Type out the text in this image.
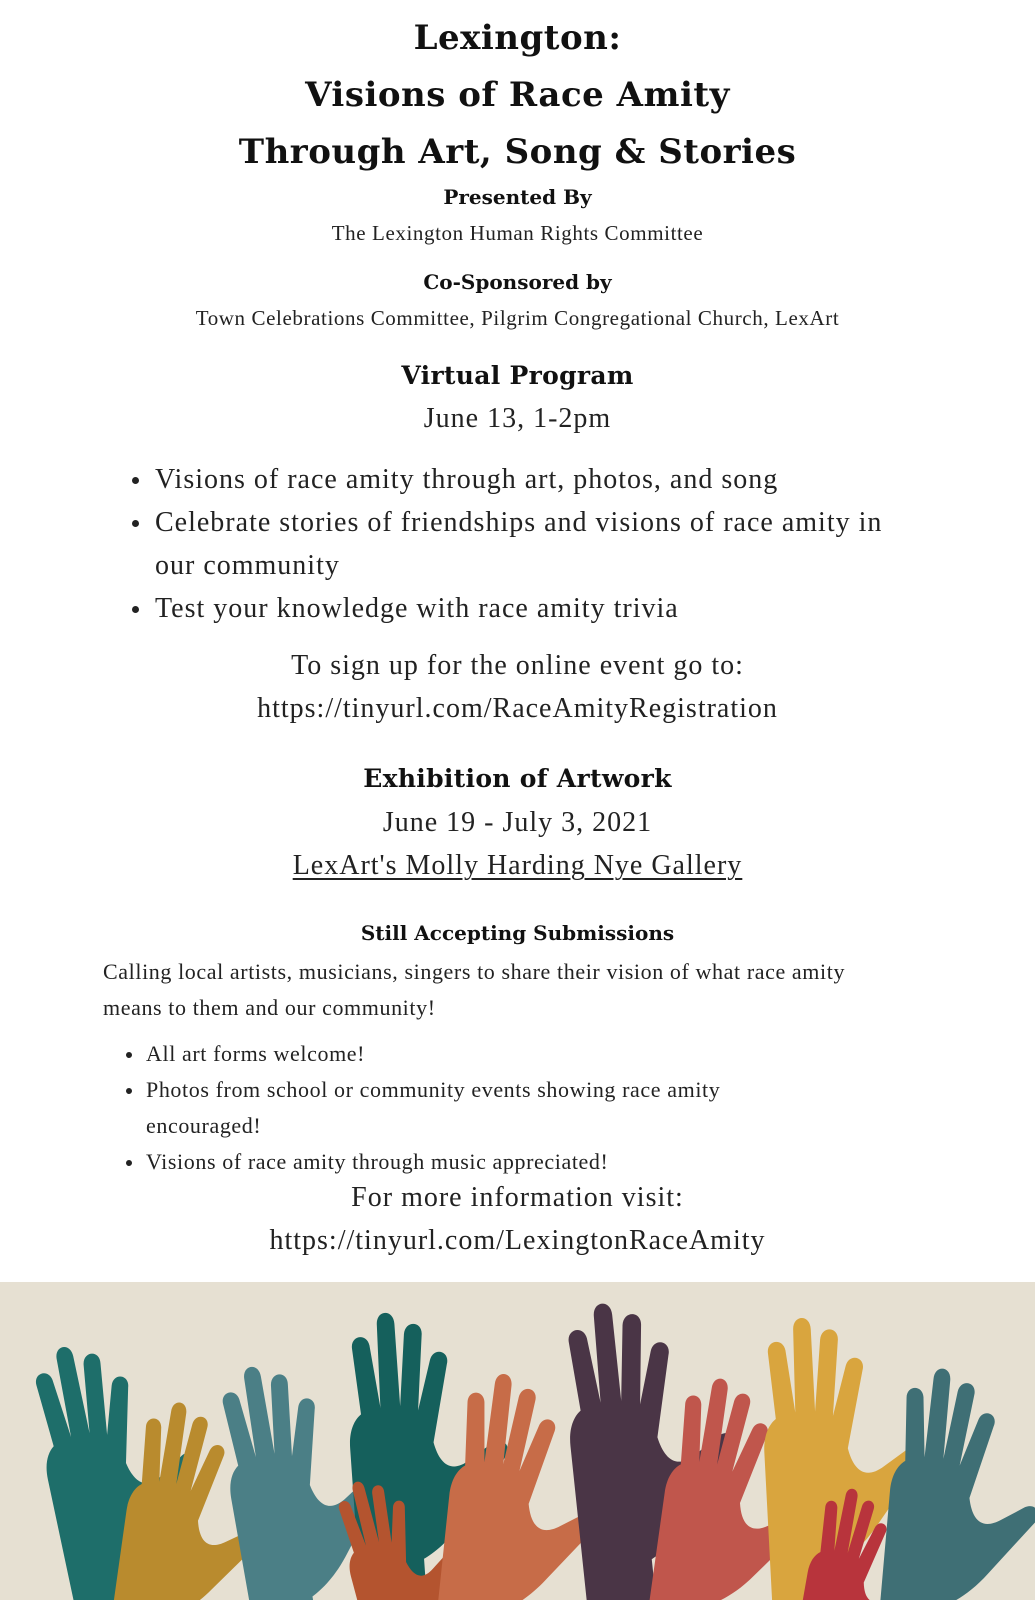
Lexington:
Visions of Race Amity
Through Art, Song & Stories
Presented By
The Lexington Human Rights Committee
Co-Sponsored by
Town Celebrations Committee, Pilgrim Congregational Church, LexArt
Virtual Program
June 13, 1-2pm
Visions of race amity through art, photos, and song
Celebrate stories of friendships and visions of race amity in our community
Test your knowledge with race amity trivia
To sign up for the online event go to:
https://tinyurl.com/RaceAmityRegistration
Exhibition of Artwork
June 19 - July 3, 2021
LexArt's Molly Harding Nye Gallery
Still Accepting Submissions
Calling local artists, musicians, singers to share their vision of what race amity means to them and our community!
All art forms welcome!
Photos from school or community events showing race amity encouraged!
Visions of race amity through music appreciated!
For more information visit:
https://tinyurl.com/LexingtonRaceAmity
